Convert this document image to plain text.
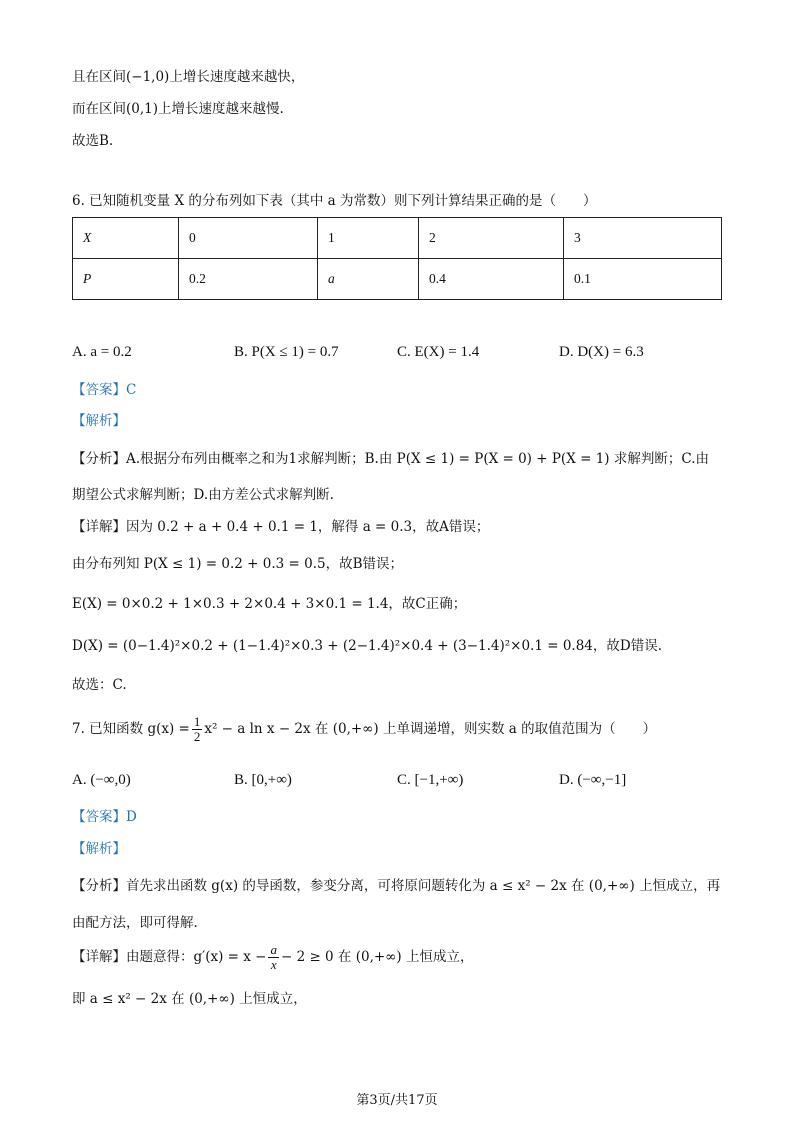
且在区间(−1,0)上增长速度越来越快，
而在区间(0,1)上增长速度越来越慢.
故选B.
6. 已知随机变量 X 的分布列如下表（其中 a 为常数）则下列计算结果正确的是（　　）
X	0	1	2	3
P	0.2	a	0.4	0.1
A. a = 0.2	B. P(X ≤ 1) = 0.7	C. E(X) = 1.4	D. D(X) = 6.3
【答案】C
【解析】
【分析】A.根据分布列由概率之和为1求解判断；B.由 P(X ≤ 1) = P(X = 0) + P(X = 1) 求解判断；C.由
期望公式求解判断；D.由方差公式求解判断.
【详解】因为 0.2 + a + 0.4 + 0.1 = 1，解得 a = 0.3，故A错误；
由分布列知 P(X ≤ 1) = 0.2 + 0.3 = 0.5，故B错误；
E(X) = 0×0.2 + 1×0.3 + 2×0.4 + 3×0.1 = 1.4，故C正确；
D(X) = (0−1.4)²×0.2 + (1−1.4)²×0.3 + (2−1.4)²×0.4 + (3−1.4)²×0.1 = 0.84，故D错误.
故选：C.
7. 已知函数 $g(x) = \frac{1}{2} x^2 - a$ ln x − 2x 在 (0,+∞) 上单调递增，则实数 a 的取值范围为（　　）
A. (−∞,0)	B. [0,+∞)	C. [−1,+∞)	D. (−∞,−1]
【答案】D
【解析】
【分析】首先求出函数 g(x) 的导函数，参变分离，可将原问题转化为 a ≤ x² − 2x 在 (0,+∞) 上恒成立，再
由配方法，即可得解.
【详解】由题意得：$g'(x) = x - \frac{a}{x} - 2 \ge 0$ 在 (0,+∞) 上恒成立，
即 a ≤ x² − 2x 在 (0,+∞) 上恒成立，
第3页/共17页
